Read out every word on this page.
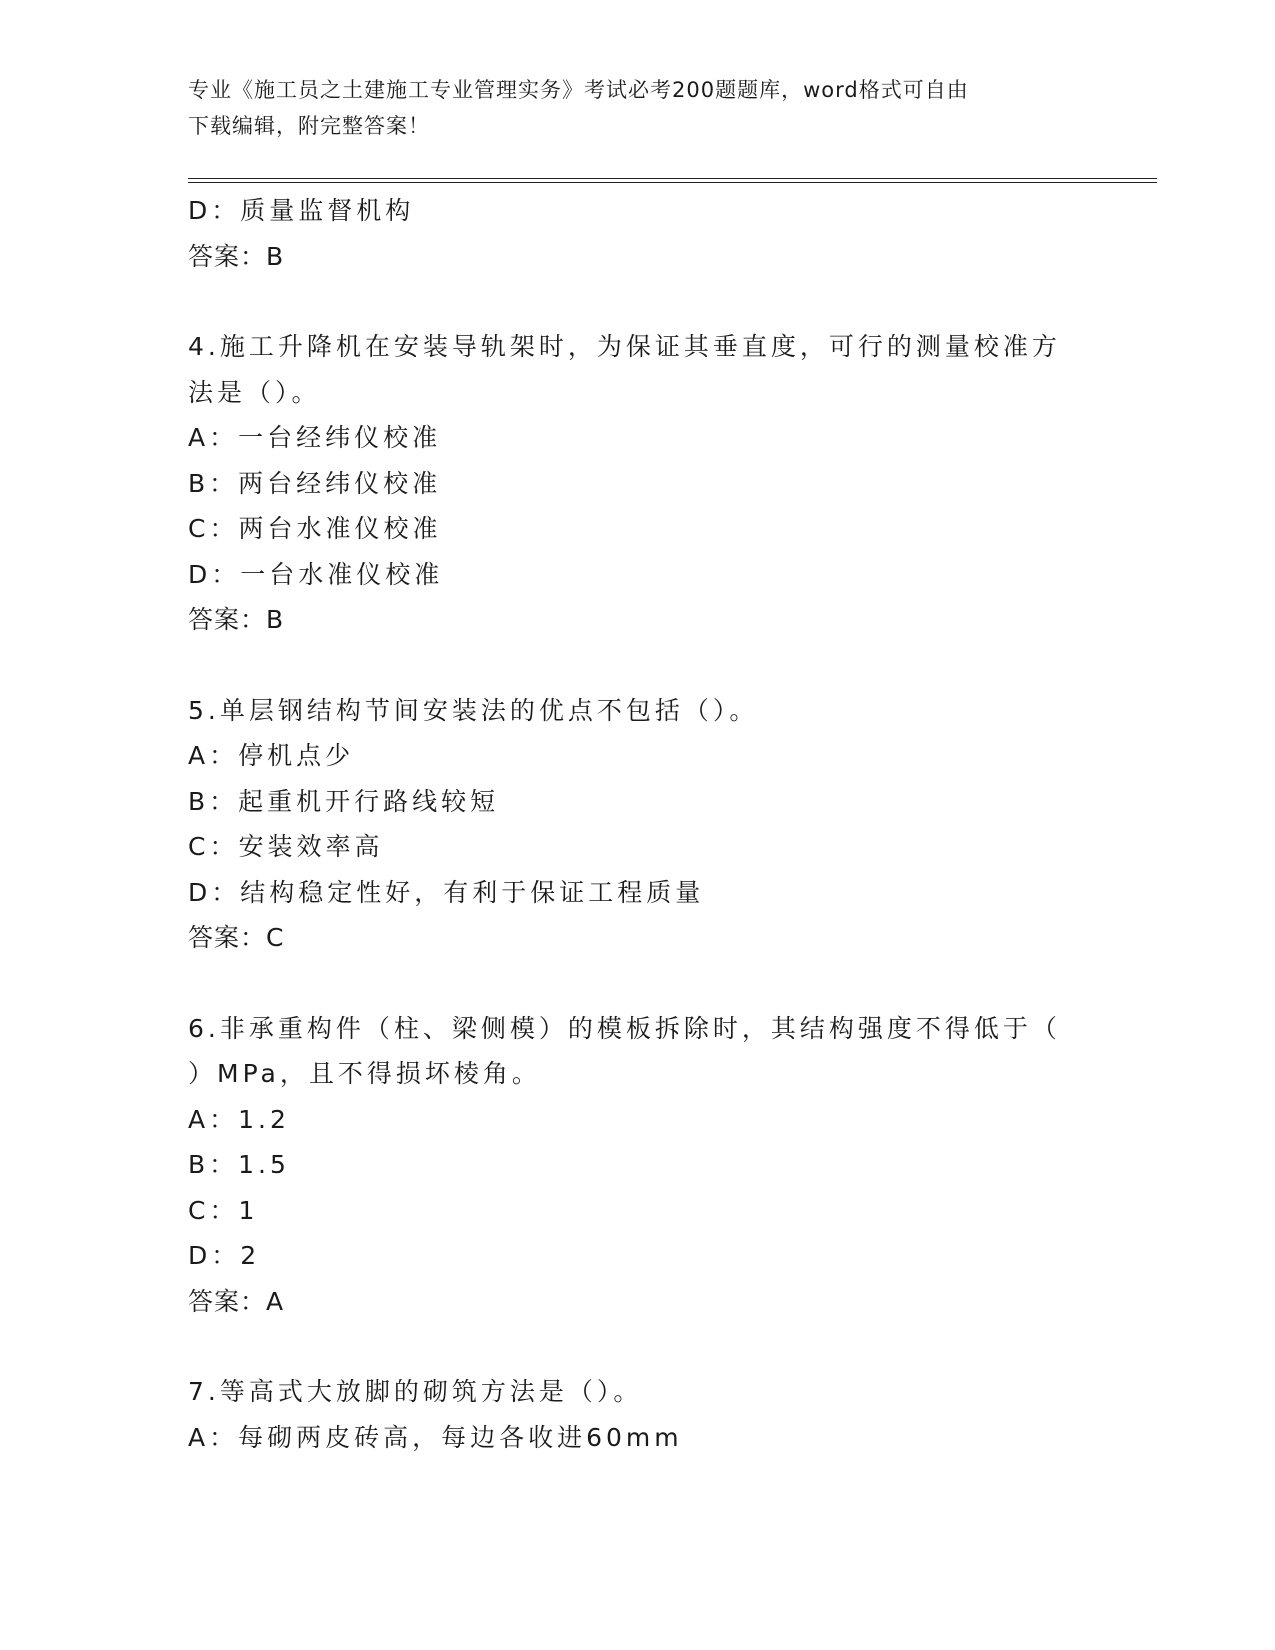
专业《施工员之土建施工专业管理实务》考试必考200题题库，word格式可自由
下载编辑，附完整答案！
D：质量监督机构
答案：B
4.施工升降机在安装导轨架时，为保证其垂直度，可行的测量校准方
法是（）。
A：一台经纬仪校准
B：两台经纬仪校准
C：两台水准仪校准
D：一台水准仪校准
答案：B
5.单层钢结构节间安装法的优点不包括（）。
A：停机点少
B：起重机开行路线较短
C：安装效率高
D：结构稳定性好，有利于保证工程质量
答案：C
6.非承重构件（柱、梁侧模）的模板拆除时，其结构强度不得低于（
）MPa，且不得损坏棱角。
A：1.2
B：1.5
C：1
D：2
答案：A
7.等高式大放脚的砌筑方法是（）。
A：每砌两皮砖高，每边各收进60mm
